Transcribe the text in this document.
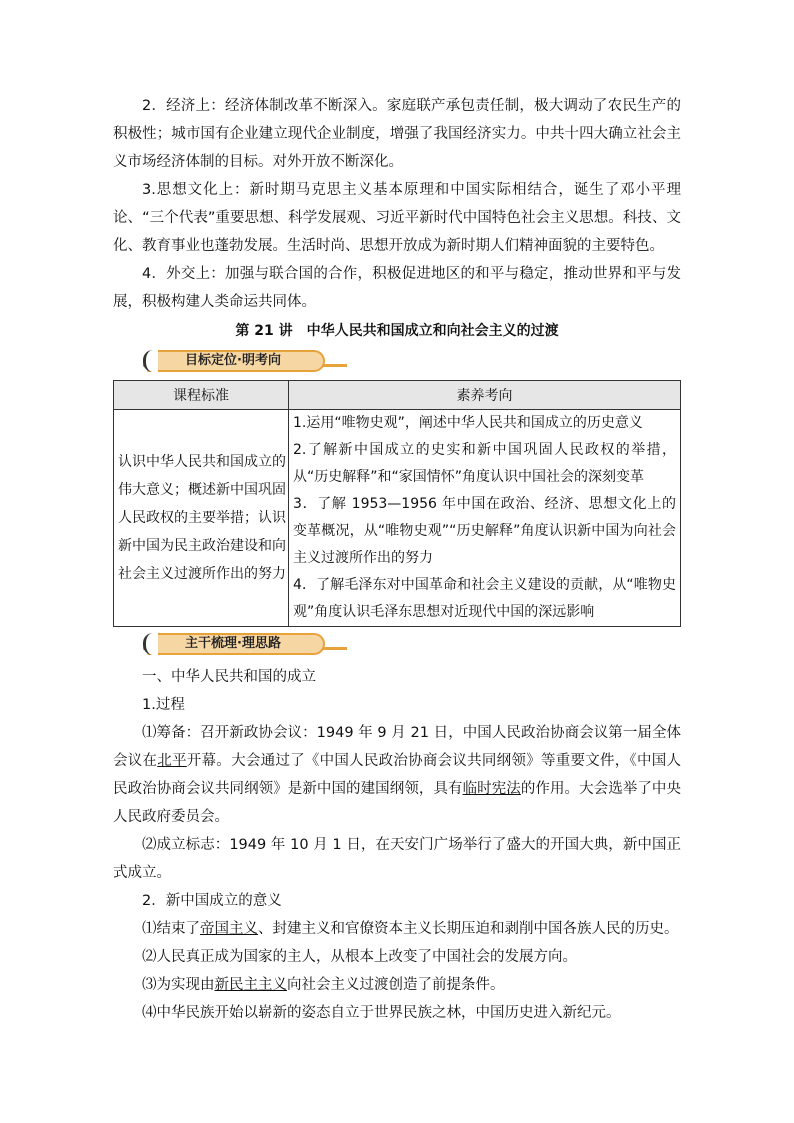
2．经济上：经济体制改革不断深入。家庭联产承包责任制，极大调动了农民生产的积极性；城市国有企业建立现代企业制度，增强了我国经济实力。中共十四大确立社会主义市场经济体制的目标。对外开放不断深化。

3.思想文化上：新时期马克思主义基本原理和中国实际相结合，诞生了邓小平理论、“三个代表”重要思想、科学发展观、习近平新时代中国特色社会主义思想。科技、文化、教育事业也蓬勃发展。生活时尚、思想开放成为新时期人们精神面貌的主要特色。

4．外交上：加强与联合国的合作，积极促进地区的和平与稳定，推动世界和平与发展，积极构建人类命运共同体。

第 21 讲　中华人民共和国成立和向社会主义的过渡
目标定位·明考向
课程标准	素养考向
认识中华人民共和国成立的伟大意义；概述新中国巩固人民政权的主要举措；认识新中国为民主政治建设和向社会主义过渡所作出的努力	1.运用“唯物史观”，阐述中华人民共和国成立的历史意义
2.了解新中国成立的史实和新中国巩固人民政权的举措，从“历史解释”和“家国情怀”角度认识中国社会的深刻变革
3．了解 1953—1956 年中国在政治、经济、思想文化上的变革概况，从“唯物史观”“历史解释”角度认识新中国为向社会主义过渡所作出的努力
4．了解毛泽东对中国革命和社会主义建设的贡献，从“唯物史观”角度认识毛泽东思想对近现代中国的深远影响
主干梳理·理思路

一、中华人民共和国的成立

1.过程

⑴筹备：召开新政协会议：1949 年 9 月 21 日，中国人民政治协商会议第一届全体会议在北平开幕。大会通过了《中国人民政治协商会议共同纲领》等重要文件，《中国人民政治协商会议共同纲领》是新中国的建国纲领，具有临时宪法的作用。大会选举了中央人民政府委员会。

⑵成立标志：1949 年 10 月 1 日，在天安门广场举行了盛大的开国大典，新中国正式成立。

2．新中国成立的意义

⑴结束了帝国主义、封建主义和官僚资本主义长期压迫和剥削中国各族人民的历史。

⑵人民真正成为国家的主人，从根本上改变了中国社会的发展方向。

⑶为实现由新民主主义向社会主义过渡创造了前提条件。

⑷中华民族开始以崭新的姿态自立于世界民族之林，中国历史进入新纪元。
